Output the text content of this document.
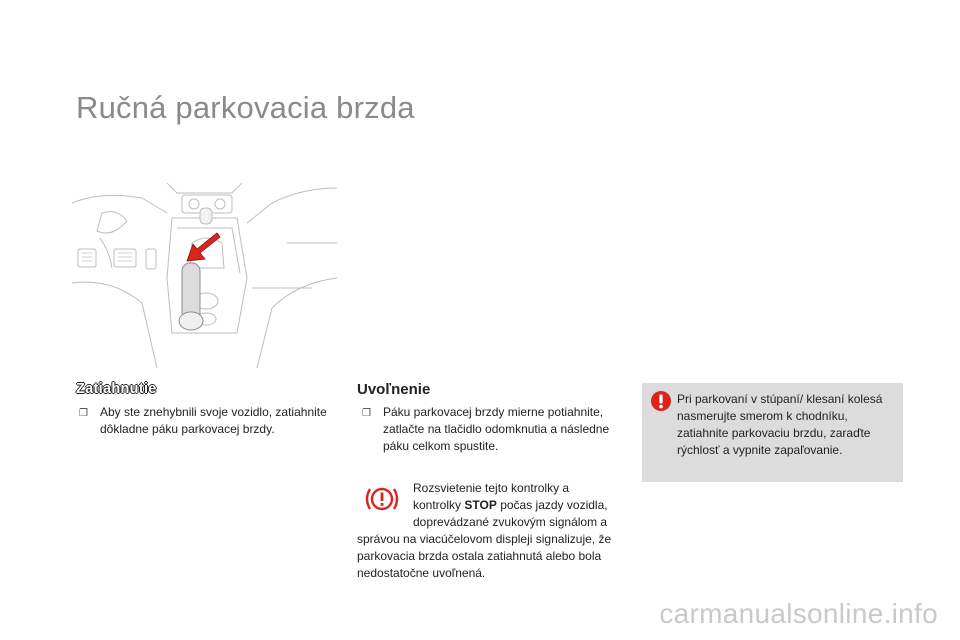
Ručná parkovacia brzda
Zatiahnutie
❐	Aby ste znehybnili svoje vozidlo, zatiahnite dôkladne páku parkovacej brzdy.
Uvoľnenie
❐	Páku parkovacej brzdy mierne potiahnite, zatlačte na tlačidlo odomknutia a následne páku celkom spustite.
Rozsvietenie tejto kontrolky a
kontrolky STOP počas jazdy vozidla,
doprevádzané zvukovým signálom a
správou na viacúčelovom displeji signalizuje, že parkovacia brzda ostala zatiahnutá alebo bola nedostatočne uvoľnená.
Pri parkovaní v stúpaní/ klesaní kolesá nasmerujte smerom k chodníku, zatiahnite parkovaciu brzdu, zaraďte rýchlosť a vypnite zapaľovanie.
carmanualsonline.info
